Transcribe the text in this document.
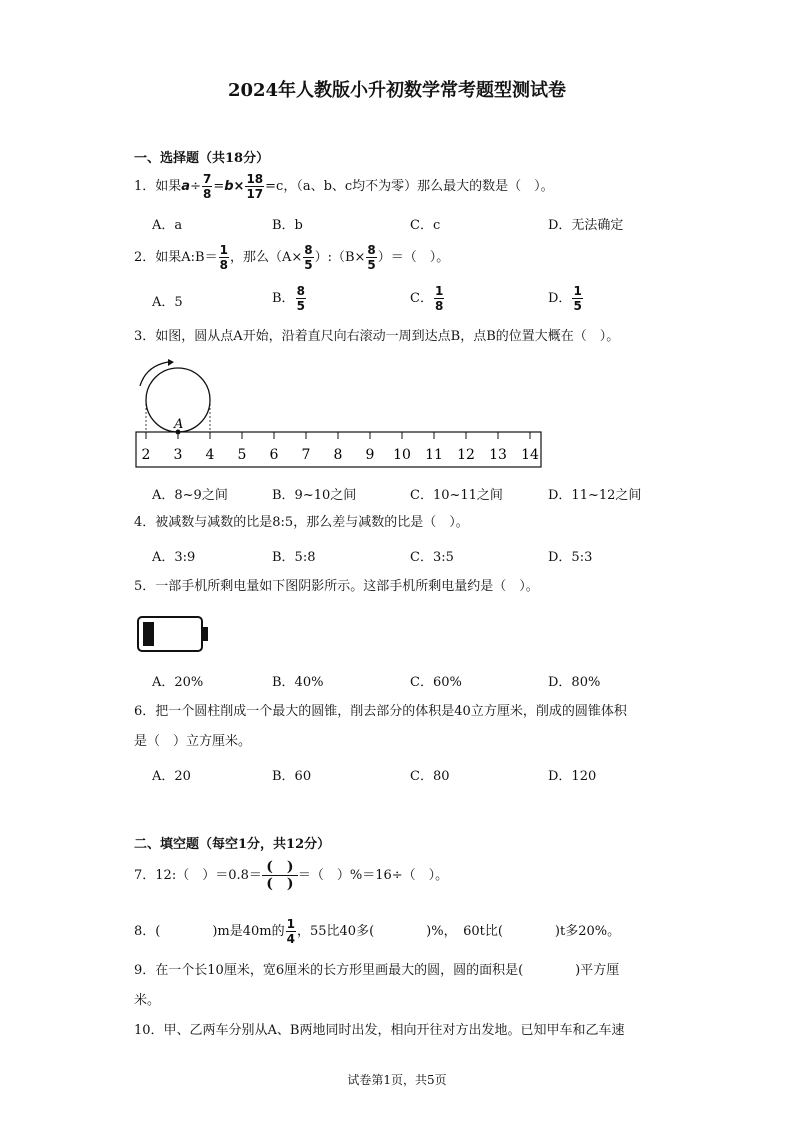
2024年人教版小升初数学常考题型测试卷
一、选择题（共18分）
1．如果$a\div \frac{7}{8} =b\times \frac{18}{17} =c$，（a、b、c均不为零）那么最大的数是（　）。
A．a	B．b	C．c	D．无法确定
2．如果A:B＝ $\frac{1}{8}$ ，那么（$A\times \frac{8}{5}$ ）:（B× $\frac{8}{5}$ ）＝（　）。
A．5	B． $\frac{8}{5}$	C． $\frac{1}{8}$	D． $\frac{1}{5}$
3．如图，圆从点A开始，沿着直尺向右滚动一周到达点B，点B的位置大概在（　）。
A
2 3 4 5 6 7 8 9 10 11 12 13 14
A．8~9之间	B．9~10之间	C．10~11之间	D．11~12之间
4．被减数与减数的比是8:5，那么差与减数的比是（　）。
A．3:9	B．5:8	C．3:5	D．5:3
5．一部手机所剩电量如下图阴影所示。这部手机所剩电量约是（　）。
A．20%	B．40%	C．60%	D．80%
6．把一个圆柱削成一个最大的圆锥，削去部分的体积是40立方厘米，削成的圆锥体积
是（　）立方厘米。
A．20	B．60	C．80	D．120
二、填空题（每空1分，共12分）
7．12:（　）＝0.8＝
(　)
(　)＝（　）%＝16÷（　）。
8．(　　　　)m是40m的 $\frac{1}{4}$ ，55比40多(　　　　)%，　60t比(　　　　)t多20%。
9．在一个长10厘米，宽6厘米的长方形里画最大的圆，圆的面积是(　　　　)平方厘
米。
10．甲、乙两车分别从A、B两地同时出发，相向开往对方出发地。已知甲车和乙车速
试卷第1页，共5页
